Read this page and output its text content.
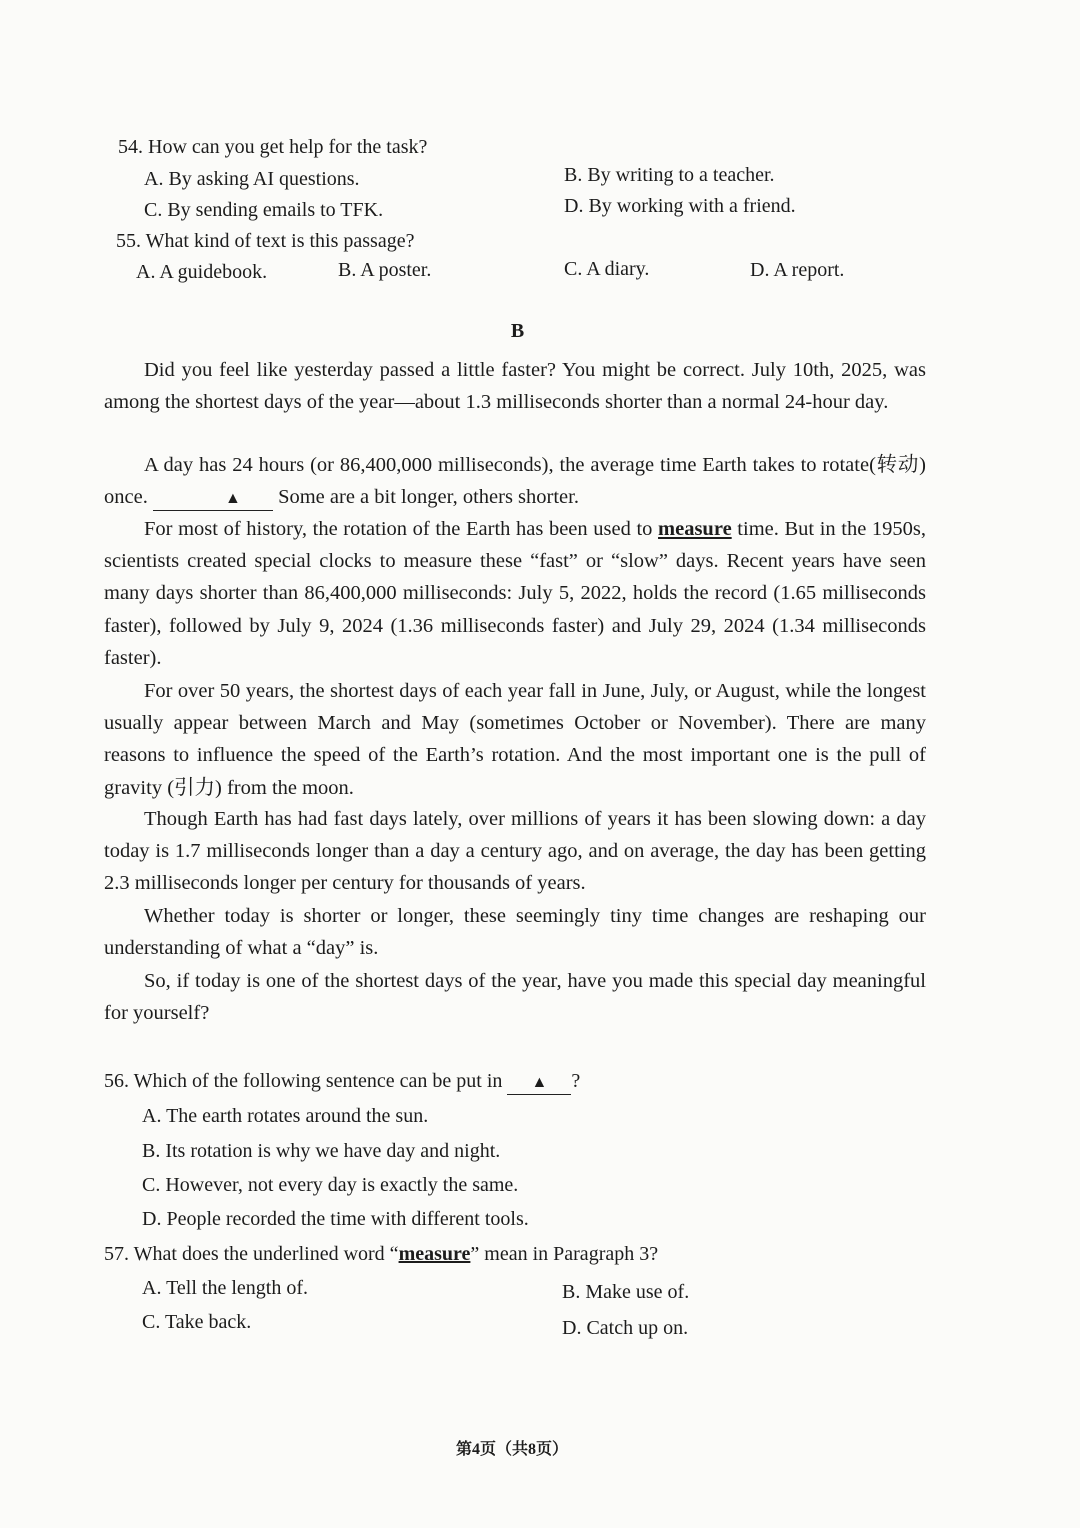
54. How can you get help for the task?
A. By asking AI questions.	B. By writing to a teacher.
C. By sending emails to TFK.	D. By working with a friend.
55. What kind of text is this passage?
A. A guidebook.	B. A poster.	C. A diary.	D. A report.
B
Did you feel like yesterday passed a little faster? You might be correct. July 10th, 2025, was among the shortest days of the year—about 1.3 milliseconds shorter than a normal 24-hour day.
A day has 24 hours (or 86,400,000 milliseconds), the average time Earth takes to rotate(转动) once.	▲ Some are a bit longer, others shorter.
For most of history, the rotation of the Earth has been used to measure time. But in the 1950s, scientists created special clocks to measure these “fast” or “slow” days. Recent years have seen many days shorter than 86,400,000 milliseconds: July 5, 2022, holds the record (1.65 milliseconds faster), followed by July 9, 2024 (1.36 milliseconds faster) and July 29, 2024 (1.34 milliseconds faster).
For over 50 years, the shortest days of each year fall in June, July, or August, while the longest usually appear between March and May (sometimes October or November). There are many reasons to influence the speed of the Earth’s rotation. And the most important one is the pull of gravity (引力) from the moon.
Though Earth has had fast days lately, over millions of years it has been slowing down: a day today is 1.7 milliseconds longer than a day a century ago, and on average, the day has been getting 2.3 milliseconds longer per century for thousands of years.
Whether today is shorter or longer, these seemingly tiny time changes are reshaping our understanding of what a “day” is.
So, if today is one of the shortest days of the year, have you made this special day meaningful for yourself?
56. Which of the following sentence can be put in ▲ ?
A. The earth rotates around the sun.
B. Its rotation is why we have day and night.
C. However, not every day is exactly the same.
D. People recorded the time with different tools.
57. What does the underlined word “measure” mean in Paragraph 3?
A. Tell the length of.	B. Make use of.
C. Take back.	D. Catch up on.
第4页（共8页）
